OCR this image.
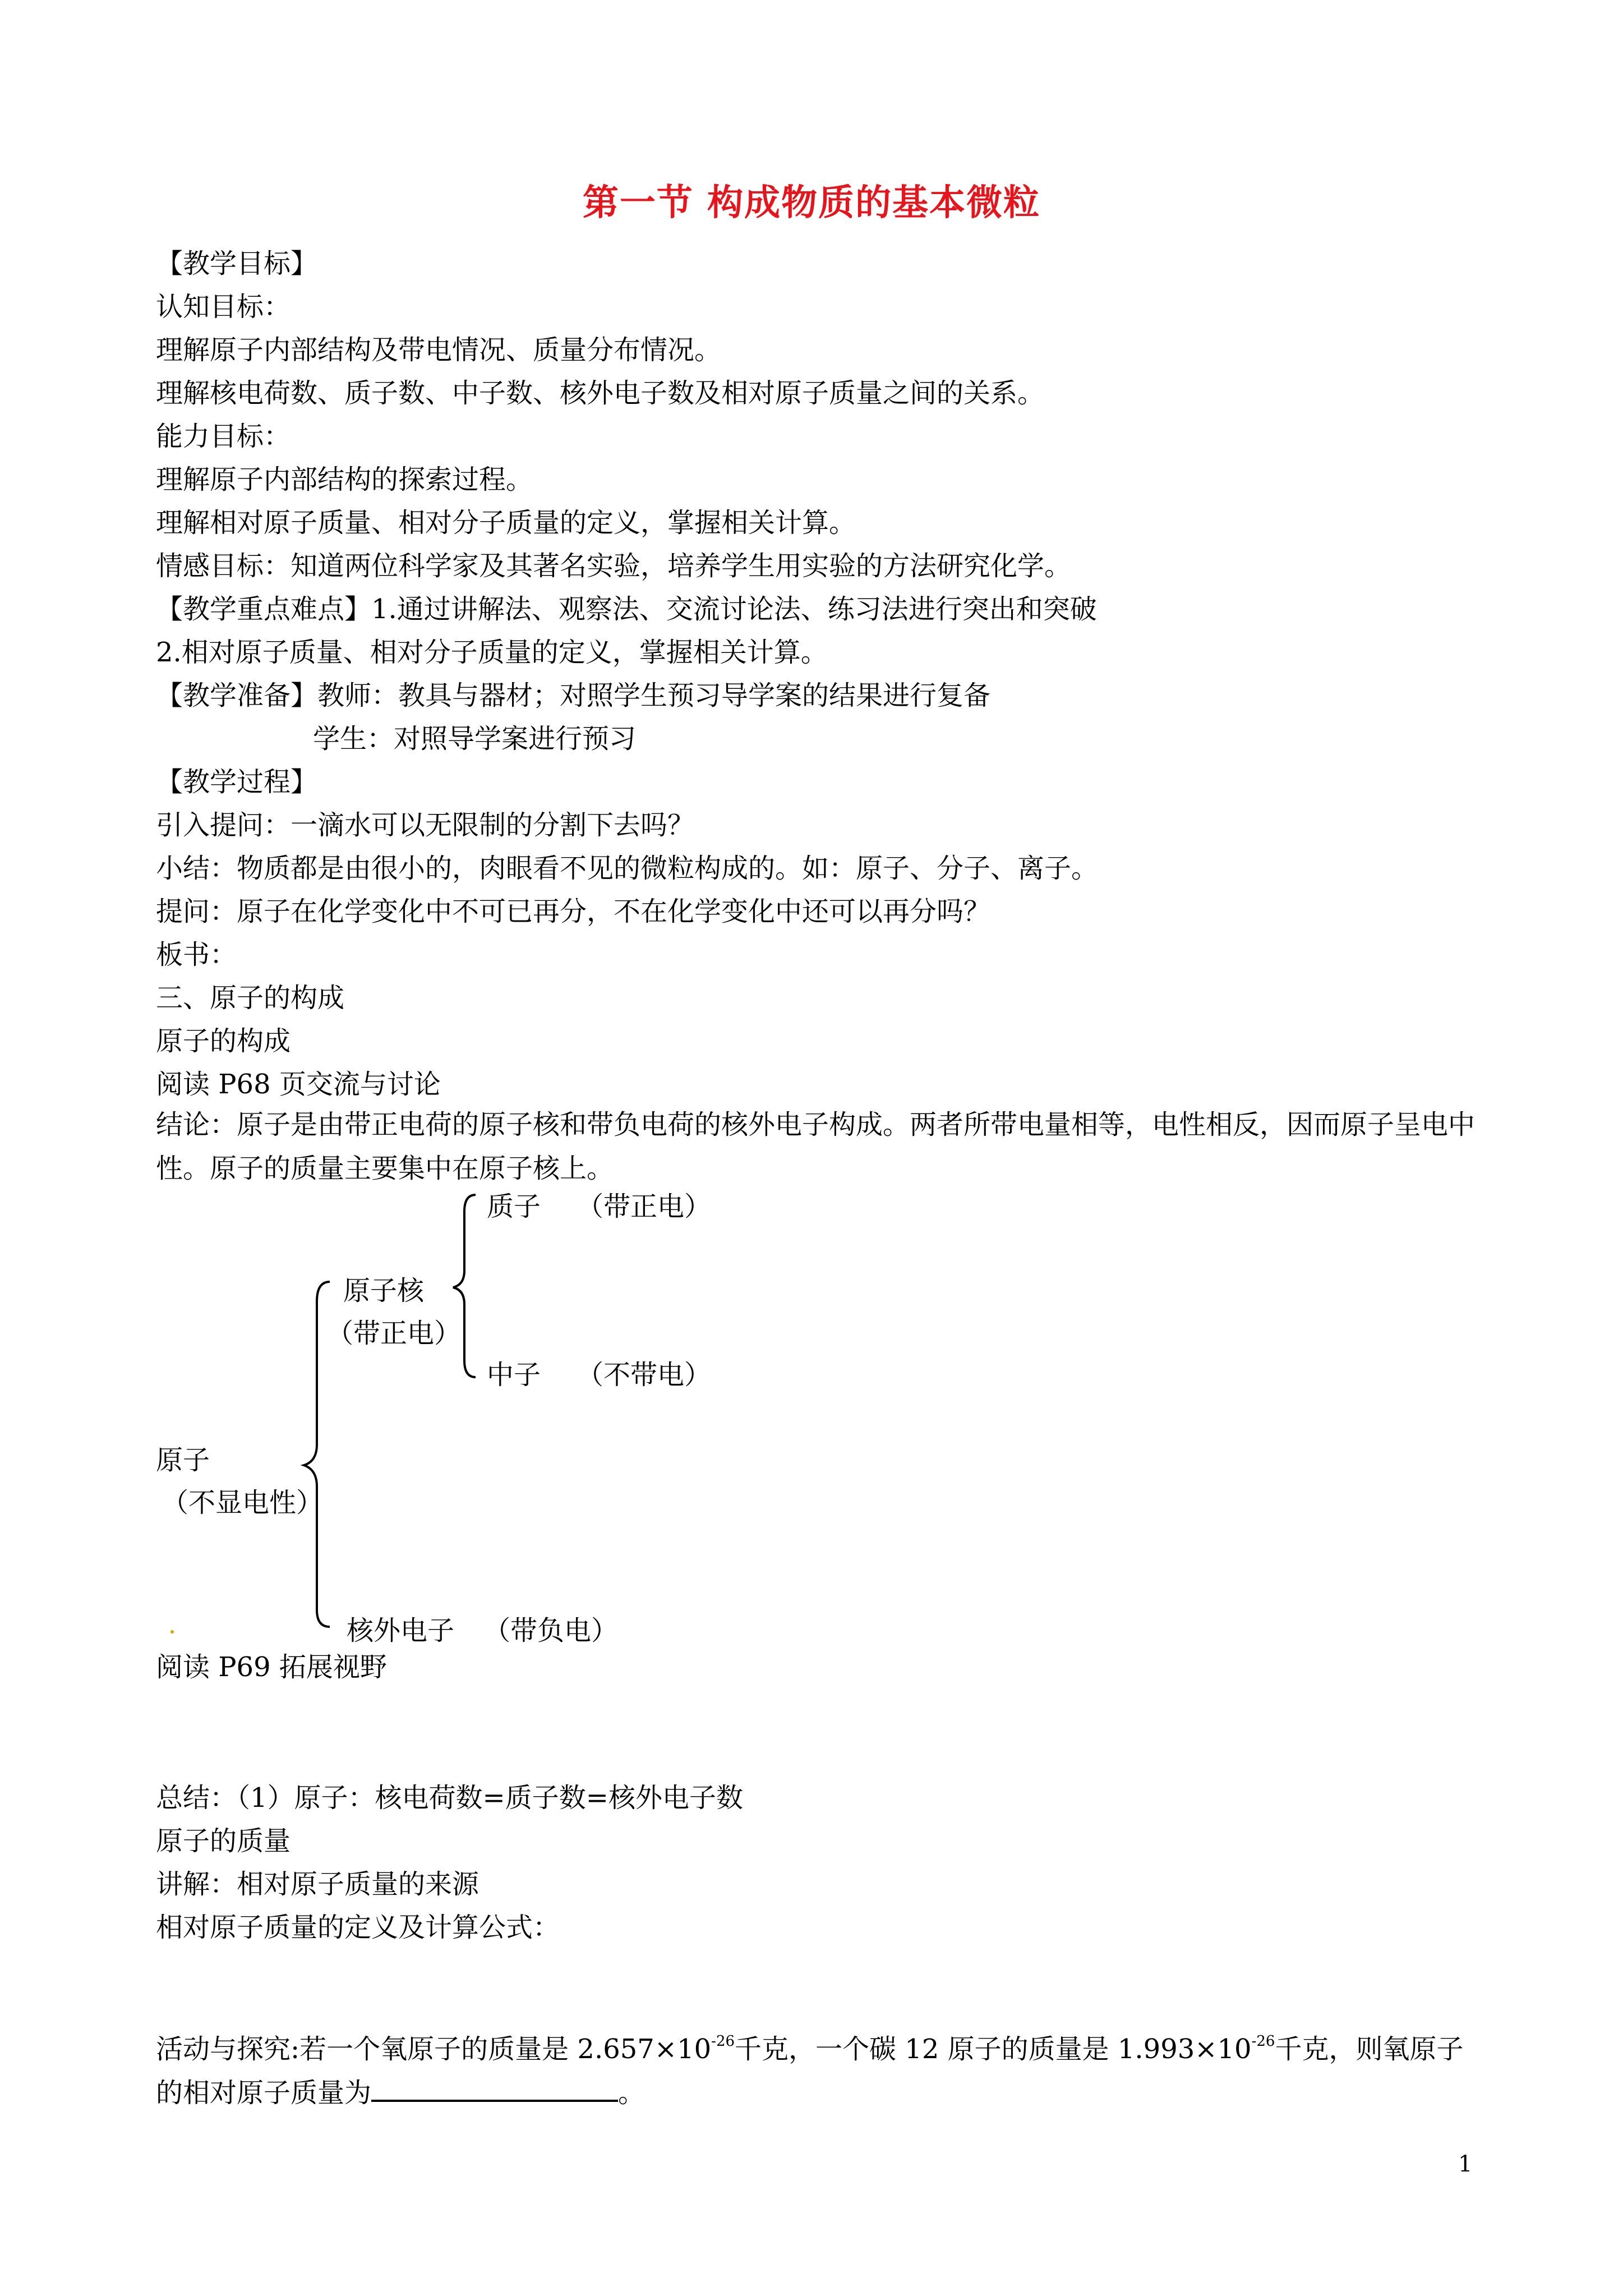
第一节 构成物质的基本微粒
【教学目标】
认知目标：
理解原子内部结构及带电情况、质量分布情况。
理解核电荷数、质子数、中子数、核外电子数及相对原子质量之间的关系。
能力目标：
理解原子内部结构的探索过程。
理解相对原子质量、相对分子质量的定义，掌握相关计算。
情感目标：知道两位科学家及其著名实验，培养学生用实验的方法研究化学。
【教学重点难点】1.通过讲解法、观察法、交流讨论法、练习法进行突出和突破
2.相对原子质量、相对分子质量的定义，掌握相关计算。
【教学准备】教师：教具与器材；对照学生预习导学案的结果进行复备
学生：对照导学案进行预习
【教学过程】
引入提问：一滴水可以无限制的分割下去吗？
小结：物质都是由很小的，肉眼看不见的微粒构成的。如：原子、分子、离子。
提问：原子在化学变化中不可已再分，不在化学变化中还可以再分吗？
板书：
三、原子的构成
原子的构成
阅读 P68 页交流与讨论
结论：原子是由带正电荷的原子核和带负电荷的核外电子构成。两者所带电量相等，电性相反，因而原子呈电中性。原子的质量主要集中在原子核上。
质子 （带正电）
原子核
（带正电）
中子 （不带电）
原子
（不显电性）
核外电子 （带负电）
阅读 P69 拓展视野
总结：（1）原子：核电荷数=质子数=核外电子数
原子的质量
讲解：相对原子质量的来源
相对原子质量的定义及计算公式：
活动与探究:若一个氧原子的质量是 $2.657\times 10^{-26}$千克，一个碳 12 原子的质量是 $1.993\times 10^{-26}$千克，则氧原子的相对原子质量为	。
1
